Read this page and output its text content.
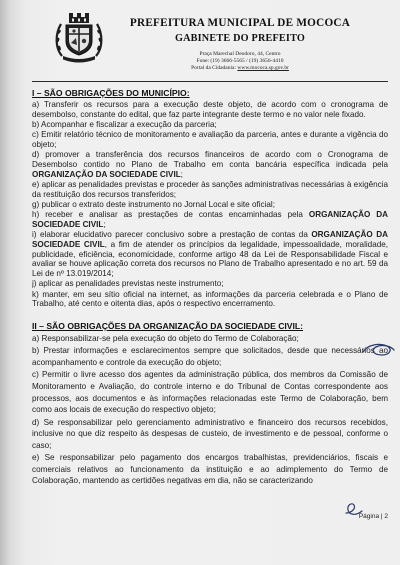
PREFEITURA MUNICIPAL DE MOCOCA
GABINETE DO PREFEITO
Praça Marechal Deodoro, 44, Centro
Fone: (19) 3666-5565 / (19) 3656-4410
Portal da Cidadania: www.mococa.sp.gov.br
I – SÃO OBRIGAÇÕES DO MUNICÍPIO:

a) Transferir os recursos para a execução deste objeto, de acordo com o cronograma de desembolso, constante do edital, que faz parte integrante deste termo e no valor nele fixado.

b) Acompanhar e fiscalizar a execução da parceria;

c) Emitir relatório técnico de monitoramento e avaliação da parceria, antes e durante a vigência do objeto;

d) promover a transferência dos recursos financeiros de acordo com o Cronograma de Desembolso contido no Plano de Trabalho em conta bancária específica indicada pela ORGANIZAÇÃO DA SOCIEDADE CIVIL;

e) aplicar as penalidades previstas e proceder às sanções administrativas necessárias à exigência da restituição dos recursos transferidos;

g) publicar o extrato deste instrumento no Jornal Local e site oficial;

h) receber e analisar as prestações de contas encaminhadas pela ORGANIZAÇÃO DA SOCIEDADE CIVIL;

i) elaborar elucidativo parecer conclusivo sobre a prestação de contas da ORGANIZAÇÃO DA SOCIEDADE CIVIL, a fim de atender os princípios da legalidade, impessoalidade, moralidade, publicidade, eficiência, economicidade, conforme artigo 48 da Lei de Responsabilidade Fiscal e avaliar se houve aplicação correta dos recursos no Plano de Trabalho apresentado e no art. 59 da Lei de nº 13.019/2014;

j) aplicar as penalidades previstas neste instrumento;

k) manter, em seu sítio oficial na internet, as informações da parceria celebrada e o Plano de Trabalho, até cento e oitenta dias, após o respectivo encerramento.

II – SÃO OBRIGAÇÕES DA ORGANIZAÇÃO DA SOCIEDADE CIVIL:

a) Responsabilizar-se pela execução do objeto do Termo de Colaboração;

b) Prestar informações e esclarecimentos sempre que solicitados, desde que necessários ao acompanhamento e controle da execução do objeto;

c) Permitir o livre acesso dos agentes da administração pública, dos membros da Comissão de Monitoramento e Avaliação, do controle interno e do Tribunal de Contas correspondente aos processos, aos documentos e às informações relacionadas este Termo de Colaboração, bem como aos locais de execução do respectivo objeto;

d) Se responsabilizar pelo gerenciamento administrativo e financeiro dos recursos recebidos, inclusive no que diz respeito às despesas de custeio, de investimento e de pessoal, conforme o caso;

e) Se responsabilizar pelo pagamento dos encargos trabalhistas, previdenciários, fiscais e comerciais relativos ao funcionamento da instituição e ao adimplemento do Termo de Colaboração, mantendo as certidões negativas em dia, não se caracterizando

Página | 2
